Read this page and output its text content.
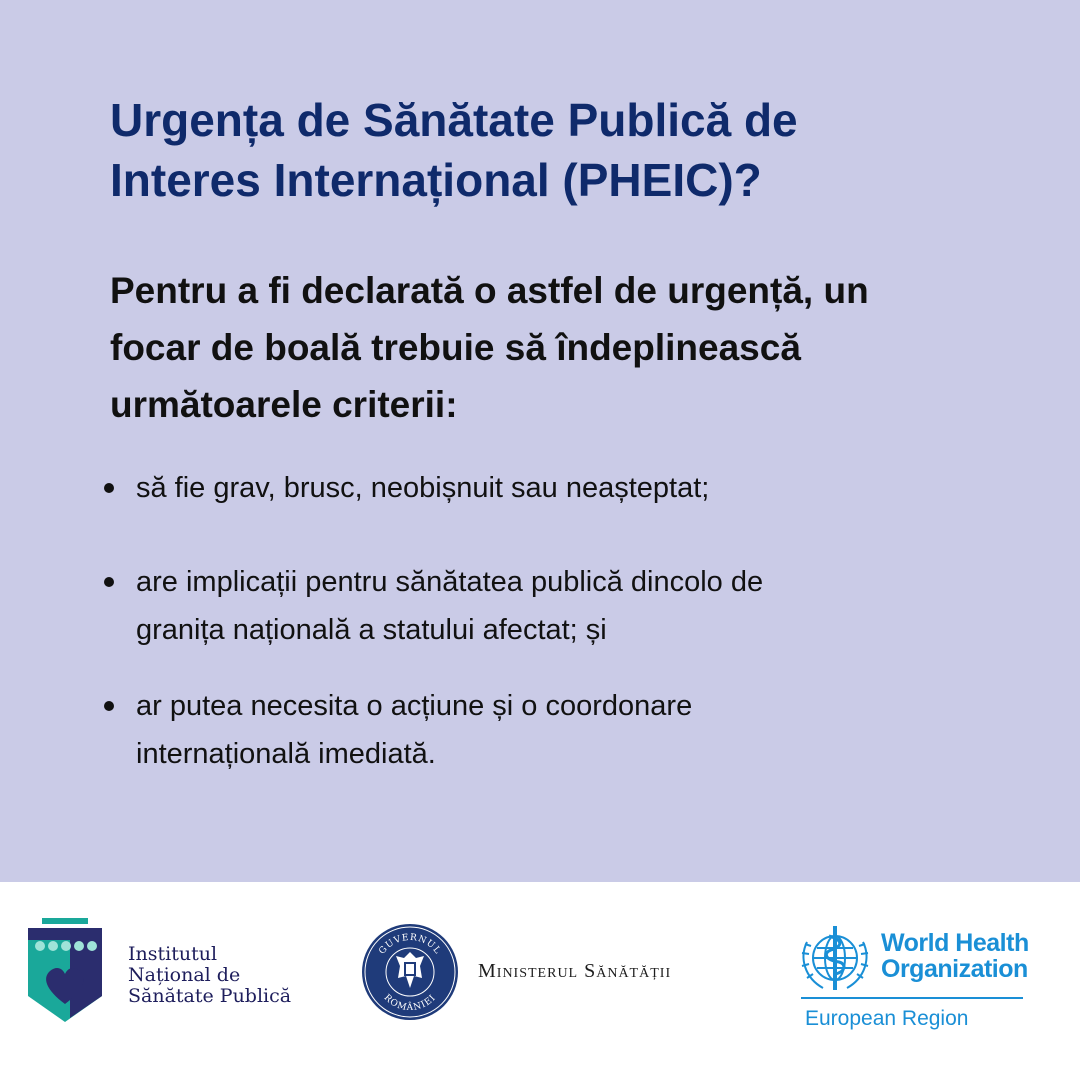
Urgența de Sănătate Publică de
Interes Internațional (PHEIC)?

Pentru a fi declarată o astfel de urgență, un
focar de boală trebuie să îndeplinească
următoarele criterii:

să fie grav, brusc, neobișnuit sau neașteptat;
are implicații pentru sănătatea publică dincolo de
granița națională a statului afectat; și
ar putea necesita o acțiune și o coordonare
internațională imediată.
Institutul
Național de
Sănătate Publică
GUVERNUL
ROMÂNIEI
Ministerul Sănătății
World Health
Organization
European Region
